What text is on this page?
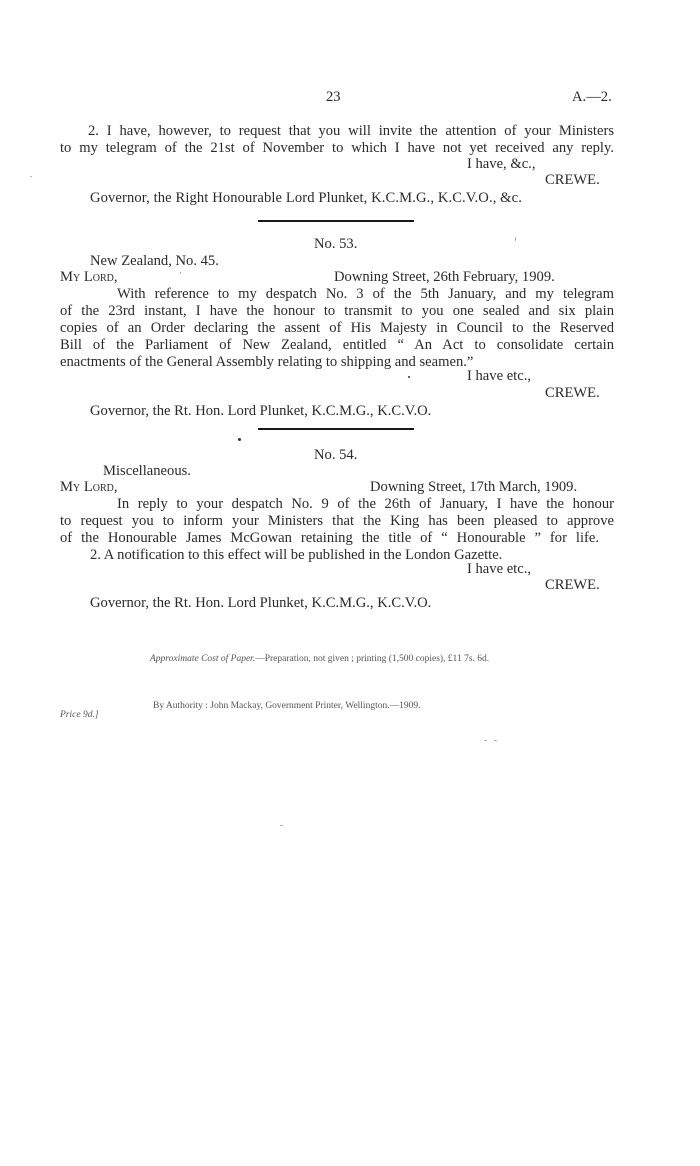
23	A.—2.
2. I have, however, to request that you will invite the attention of your Ministers
to my telegram of the 21st of November to which I have not yet received any reply.
I have, &c.,
CREWE.
Governor, the Right Honourable Lord Plunket, K.C.M.G., K.C.V.O., &c.
No. 53.
New Zealand, No. 45.
My Lord,	Downing Street, 26th February, 1909.
With reference to my despatch No. 3 of the 5th January, and my telegram
of the 23rd instant, I have the honour to transmit to you one sealed and six plain
copies of an Order declaring the assent of His Majesty in Council to the Reserved
Bill of the Parliament of New Zealand, entitled “ An Act to consolidate certain
enactments of the General Assembly relating to shipping and seamen.”
I have etc.,
CREWE.
Governor, the Rt. Hon. Lord Plunket, K.C.M.G., K.C.V.O.
No. 54.
Miscellaneous.
My Lord,	Downing Street, 17th March, 1909.
In reply to your despatch No. 9 of the 26th of January, I have the honour
to request you to inform your Ministers that the King has been pleased to approve
of the Honourable James McGowan retaining the title of “ Honourable ” for life.
2. A notification to this effect will be published in the London Gazette.
I have etc.,
CREWE.
Governor, the Rt. Hon. Lord Plunket, K.C.M.G., K.C.V.O.
Approximate Cost of Paper.—Preparation, not given ; printing (1,500 copies), £11 7s. 6d.
By Authority : John Mackay, Government Printer, Wellington.—1909.
Price 9d.]
